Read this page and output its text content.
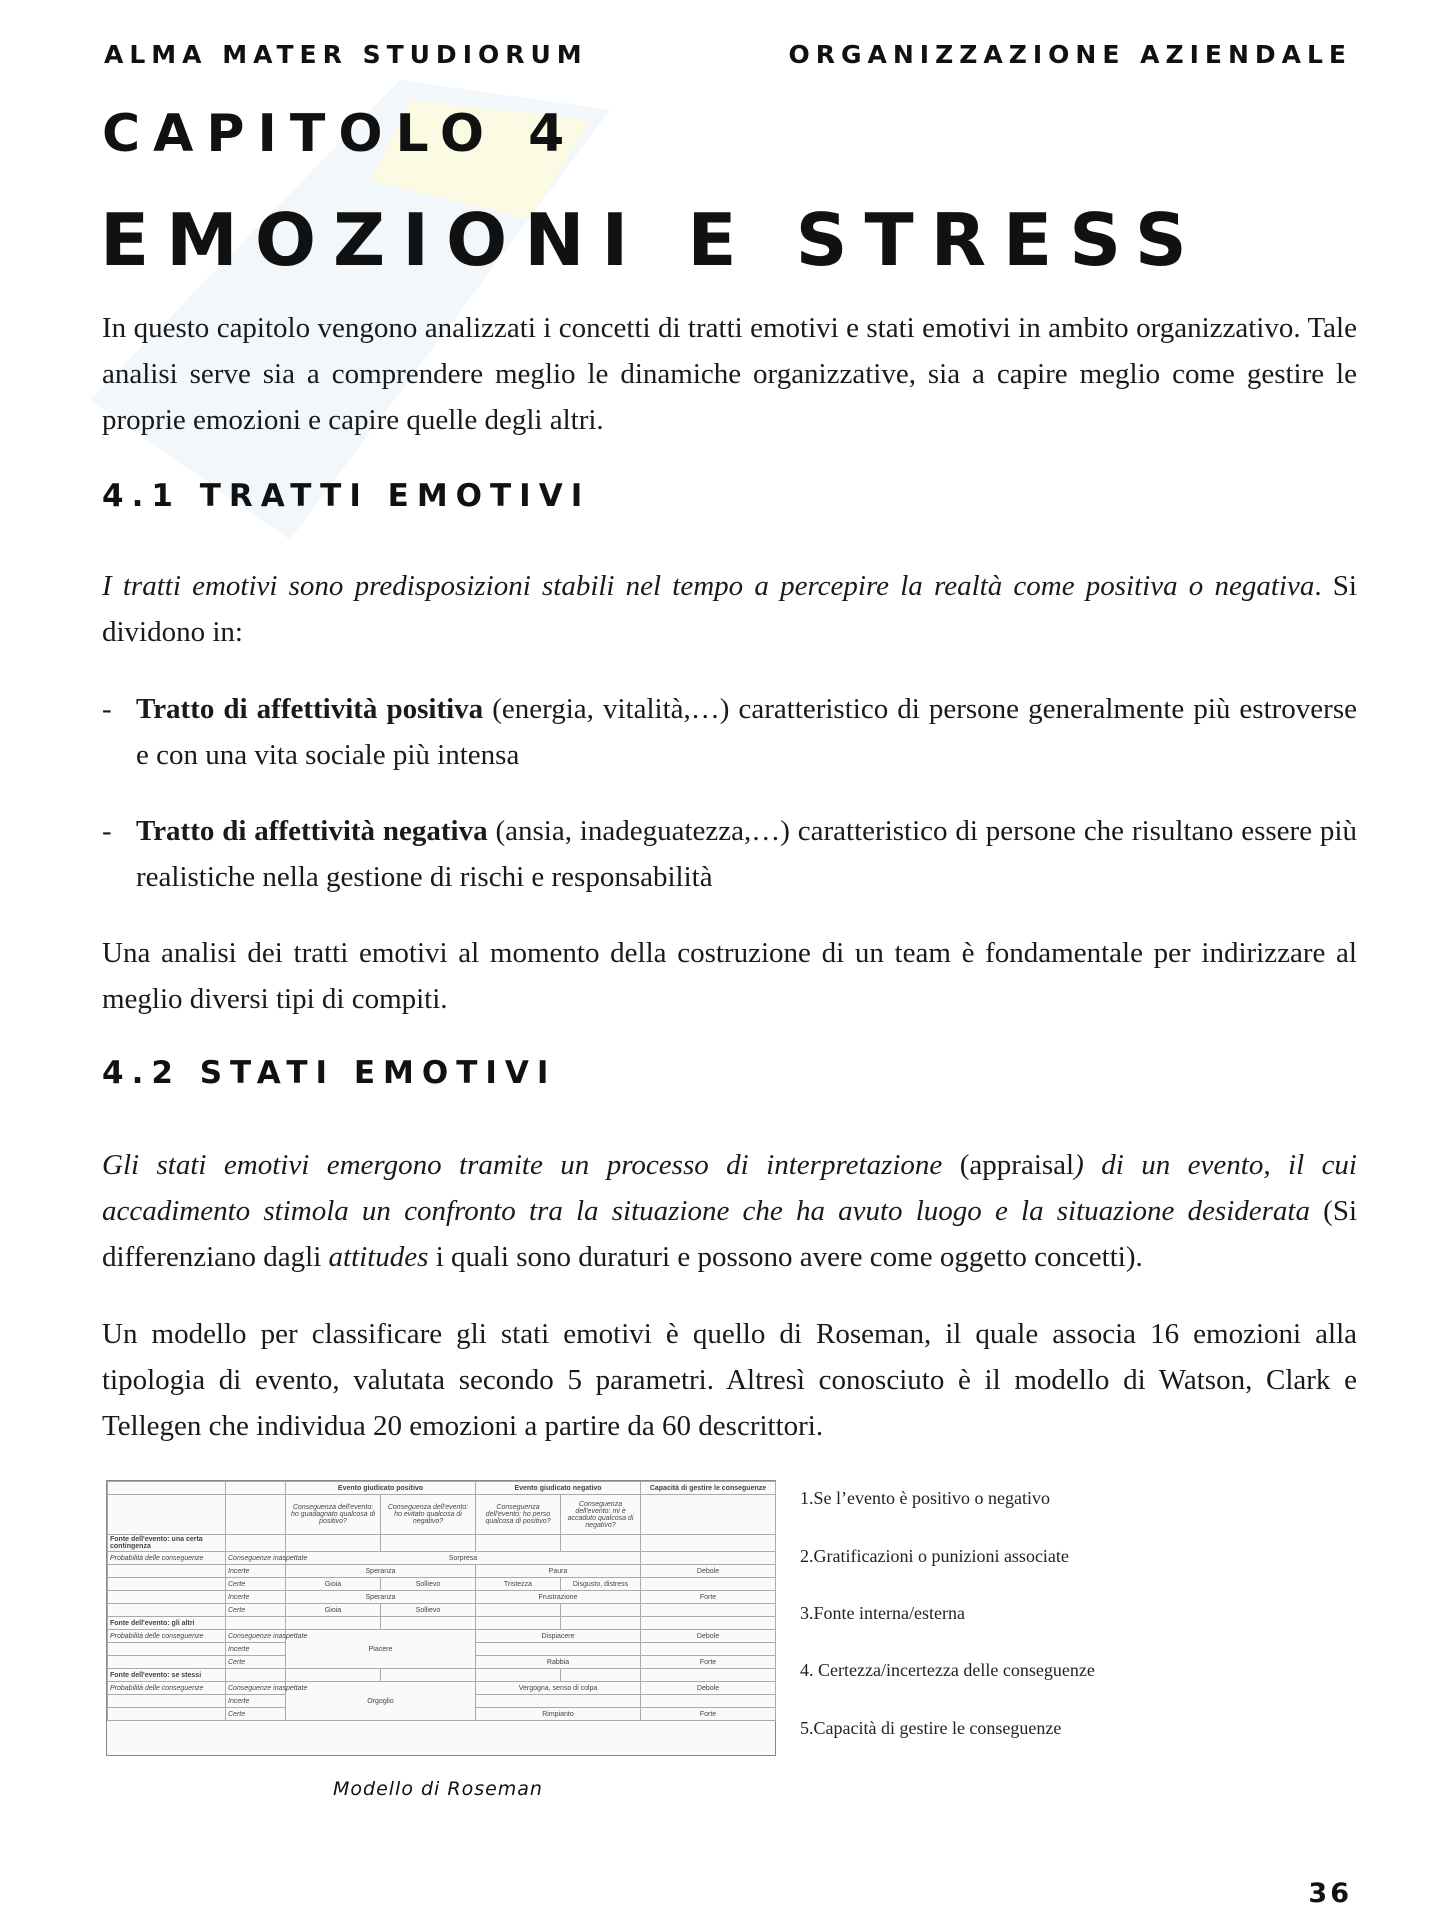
ALMA MATER STUDIORUM	ORGANIZZAZIONE AZIENDALE
CAPITOLO 4
EMOZIONI E STRESS
In questo capitolo vengono analizzati i concetti di tratti emotivi e stati emotivi in ambito organizzativo. Tale analisi serve sia a comprendere meglio le dinamiche organizzative, sia a capire meglio come gestire le proprie emozioni e capire quelle degli altri.
4.1 TRATTI EMOTIVI
I tratti emotivi sono predisposizioni stabili nel tempo a percepire la realtà come positiva o negativa. Si dividono in:
- Tratto di affettività positiva (energia, vitalità,…) caratteristico di persone generalmente più estroverse e con una vita sociale più intensa
- Tratto di affettività negativa (ansia, inadeguatezza,…) caratteristico di persone che risultano essere più realistiche nella gestione di rischi e responsabilità
Una analisi dei tratti emotivi al momento della costruzione di un team è fondamentale per indirizzare al meglio diversi tipi di compiti.
4.2 STATI EMOTIVI
Gli stati emotivi emergono tramite un processo di interpretazione (appraisal) di un evento, il cui accadimento stimola un confronto tra la situazione che ha avuto luogo e la situazione desiderata (Si differenziano dagli attitudes i quali sono duraturi e possono avere come oggetto concetti).
Un modello per classificare gli stati emotivi è quello di Roseman, il quale associa 16 emozioni alla tipologia di evento, valutata secondo 5 parametri. Altresì conosciuto è il modello di Watson, Clark e Tellegen che individua 20 emozioni a partire da 60 descrittori.
		Evento giudicato positivo		Evento giudicato negativo		Capacità di gestire le conseguenze
		Conseguenza dell'evento: ho guadagnato qualcosa di positivo?	Conseguenza dell'evento: ho evitato qualcosa di negativo?	Conseguenza dell'evento: ho perso qualcosa di positivo?	Conseguenza dell'evento: mi è accaduto qualcosa di negativo?	
Fonte dell'evento: una certa contingenza						
Probabilità delle conseguenze	Conseguenze inaspettate	Sorpresa				
	Incerte	Speranza		Paura		Debole
	Certe	Gioia	Sollievo	Tristezza	Disgusto, distress	
	Incerte	Speranza		Frustrazione		Forte
	Certe	Gioia	Sollievo			
Fonte dell'evento: gli altri						
Probabilità delle conseguenze	Conseguenze inaspettate	Piacere		Dispiacere		Debole
	Incerte					
	Certe			Rabbia		Forte
Fonte dell'evento: se stessi						
Probabilità delle conseguenze	Conseguenze inaspettate	Orgoglio		Vergogna, senso di colpa		Debole
	Incerte					
	Certe			Rimpianto		Forte
Modello di Roseman
1.Se l’evento è positivo o negativo
2.Gratificazioni o punizioni associate
3.Fonte interna/esterna
4. Certezza/incertezza delle conseguenze
5.Capacità di gestire le conseguenze
36
